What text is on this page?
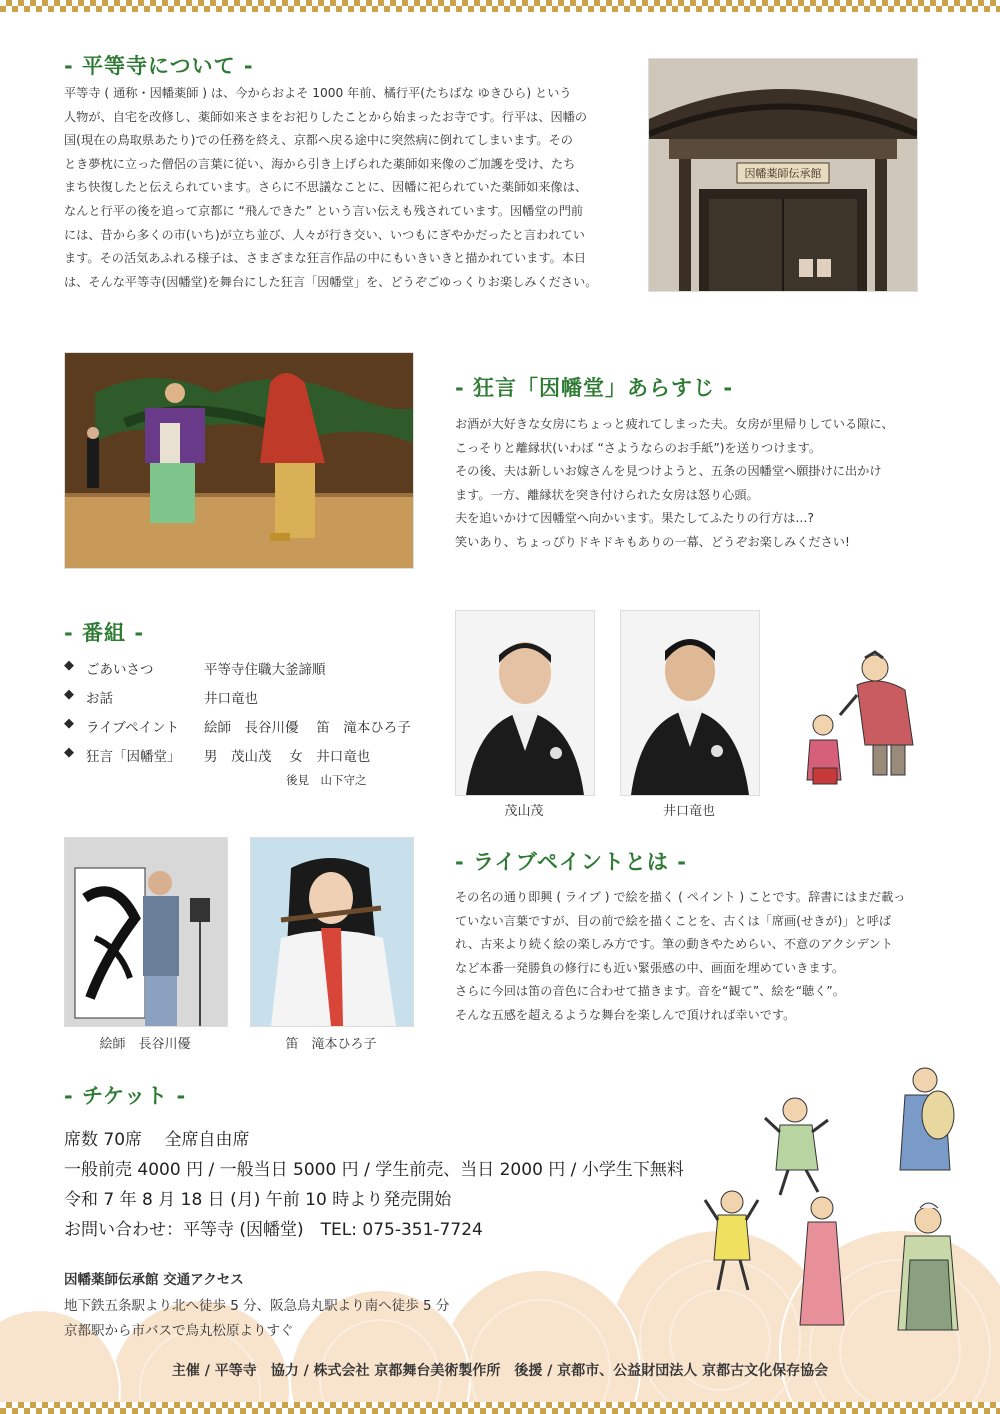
- 平等寺について -
平等寺 ( 通称・因幡薬師 ) は、今からおよそ 1000 年前、橘行平(たちばな ゆきひら) という
人物が、自宅を改修し、薬師如来さまをお祀りしたことから始まったお寺です。行平は、因幡の
国(現在の鳥取県あたり)での任務を終え、京都へ戻る途中に突然病に倒れてしまいます。その
とき夢枕に立った僧侶の言葉に従い、海から引き上げられた薬師如来像のご加護を受け、たち
まち快復したと伝えられています。さらに不思議なことに、因幡に祀られていた薬師如来像は、
なんと行平の後を追って京都に “飛んできた” という言い伝えも残されています。因幡堂の門前
には、昔から多くの市(いち)が立ち並び、人々が行き交い、いつもにぎやかだったと言われてい
ます。その活気あふれる様子は、さまざまな狂言作品の中にもいきいきと描かれています。本日
は、そんな平等寺(因幡堂)を舞台にした狂言「因幡堂」を、どうぞごゆっくりお楽しみください。
因幡薬師伝承館
- 狂言「因幡堂」あらすじ -
お酒が大好きな女房にちょっと疲れてしまった夫。女房が里帰りしている隙に、
こっそりと離縁状(いわば “さようならのお手紙”)を送りつけます。
その後、夫は新しいお嫁さんを見つけようと、五条の因幡堂へ願掛けに出かけ
ます。一方、離縁状を突き付けられた女房は怒り心頭。
夫を追いかけて因幡堂へ向かいます。果たしてふたりの行方は…?
笑いあり、ちょっぴりドキドキもありの一幕、どうぞお楽しみください!
- 番組 -
◆ ごあいさつ	平等寺住職大釜諦順
◆ お話	井口竜也
◆ ライブペイント 絵師　長谷川優　 笛　滝本ひろ子
◆ 狂言「因幡堂」 男　茂山茂　 女　井口竜也
後見　山下守之
茂山茂	井口竜也
絵師　長谷川優	笛　滝本ひろ子
- ライブペイントとは -
その名の通り即興 ( ライブ ) で絵を描く ( ペイント ) ことです。辞書にはまだ載っ
ていない言葉ですが、目の前で絵を描くことを、古くは「席画(せきが)」と呼ば
れ、古来より続く絵の楽しみ方です。筆の動きやためらい、不意のアクシデント
など本番一発勝負の修行にも近い緊張感の中、画面を埋めていきます。
さらに今回は笛の音色に合わせて描きます。音を“観て”、絵を“聴く”。
そんな五感を超えるような舞台を楽しんで頂ければ幸いです。
- チケット -
席数 70席　 全席自由席
一般前売 4000 円 / 一般当日 5000 円 / 学生前売、当日 2000 円 / 小学生下無料
令和 7 年 8 月 18 日 (月) 午前 10 時より発売開始
お問い合わせ：平等寺 (因幡堂)　TEL: 075-351-7724
因幡薬師伝承館 交通アクセス
地下鉄五条駅より北へ徒歩 5 分、阪急烏丸駅より南へ徒歩 5 分
京都駅から市バスで烏丸松原よりすぐ
主催 / 平等寺　協力 / 株式会社 京都舞台美術製作所　後援 / 京都市、公益財団法人 京都古文化保存協会
